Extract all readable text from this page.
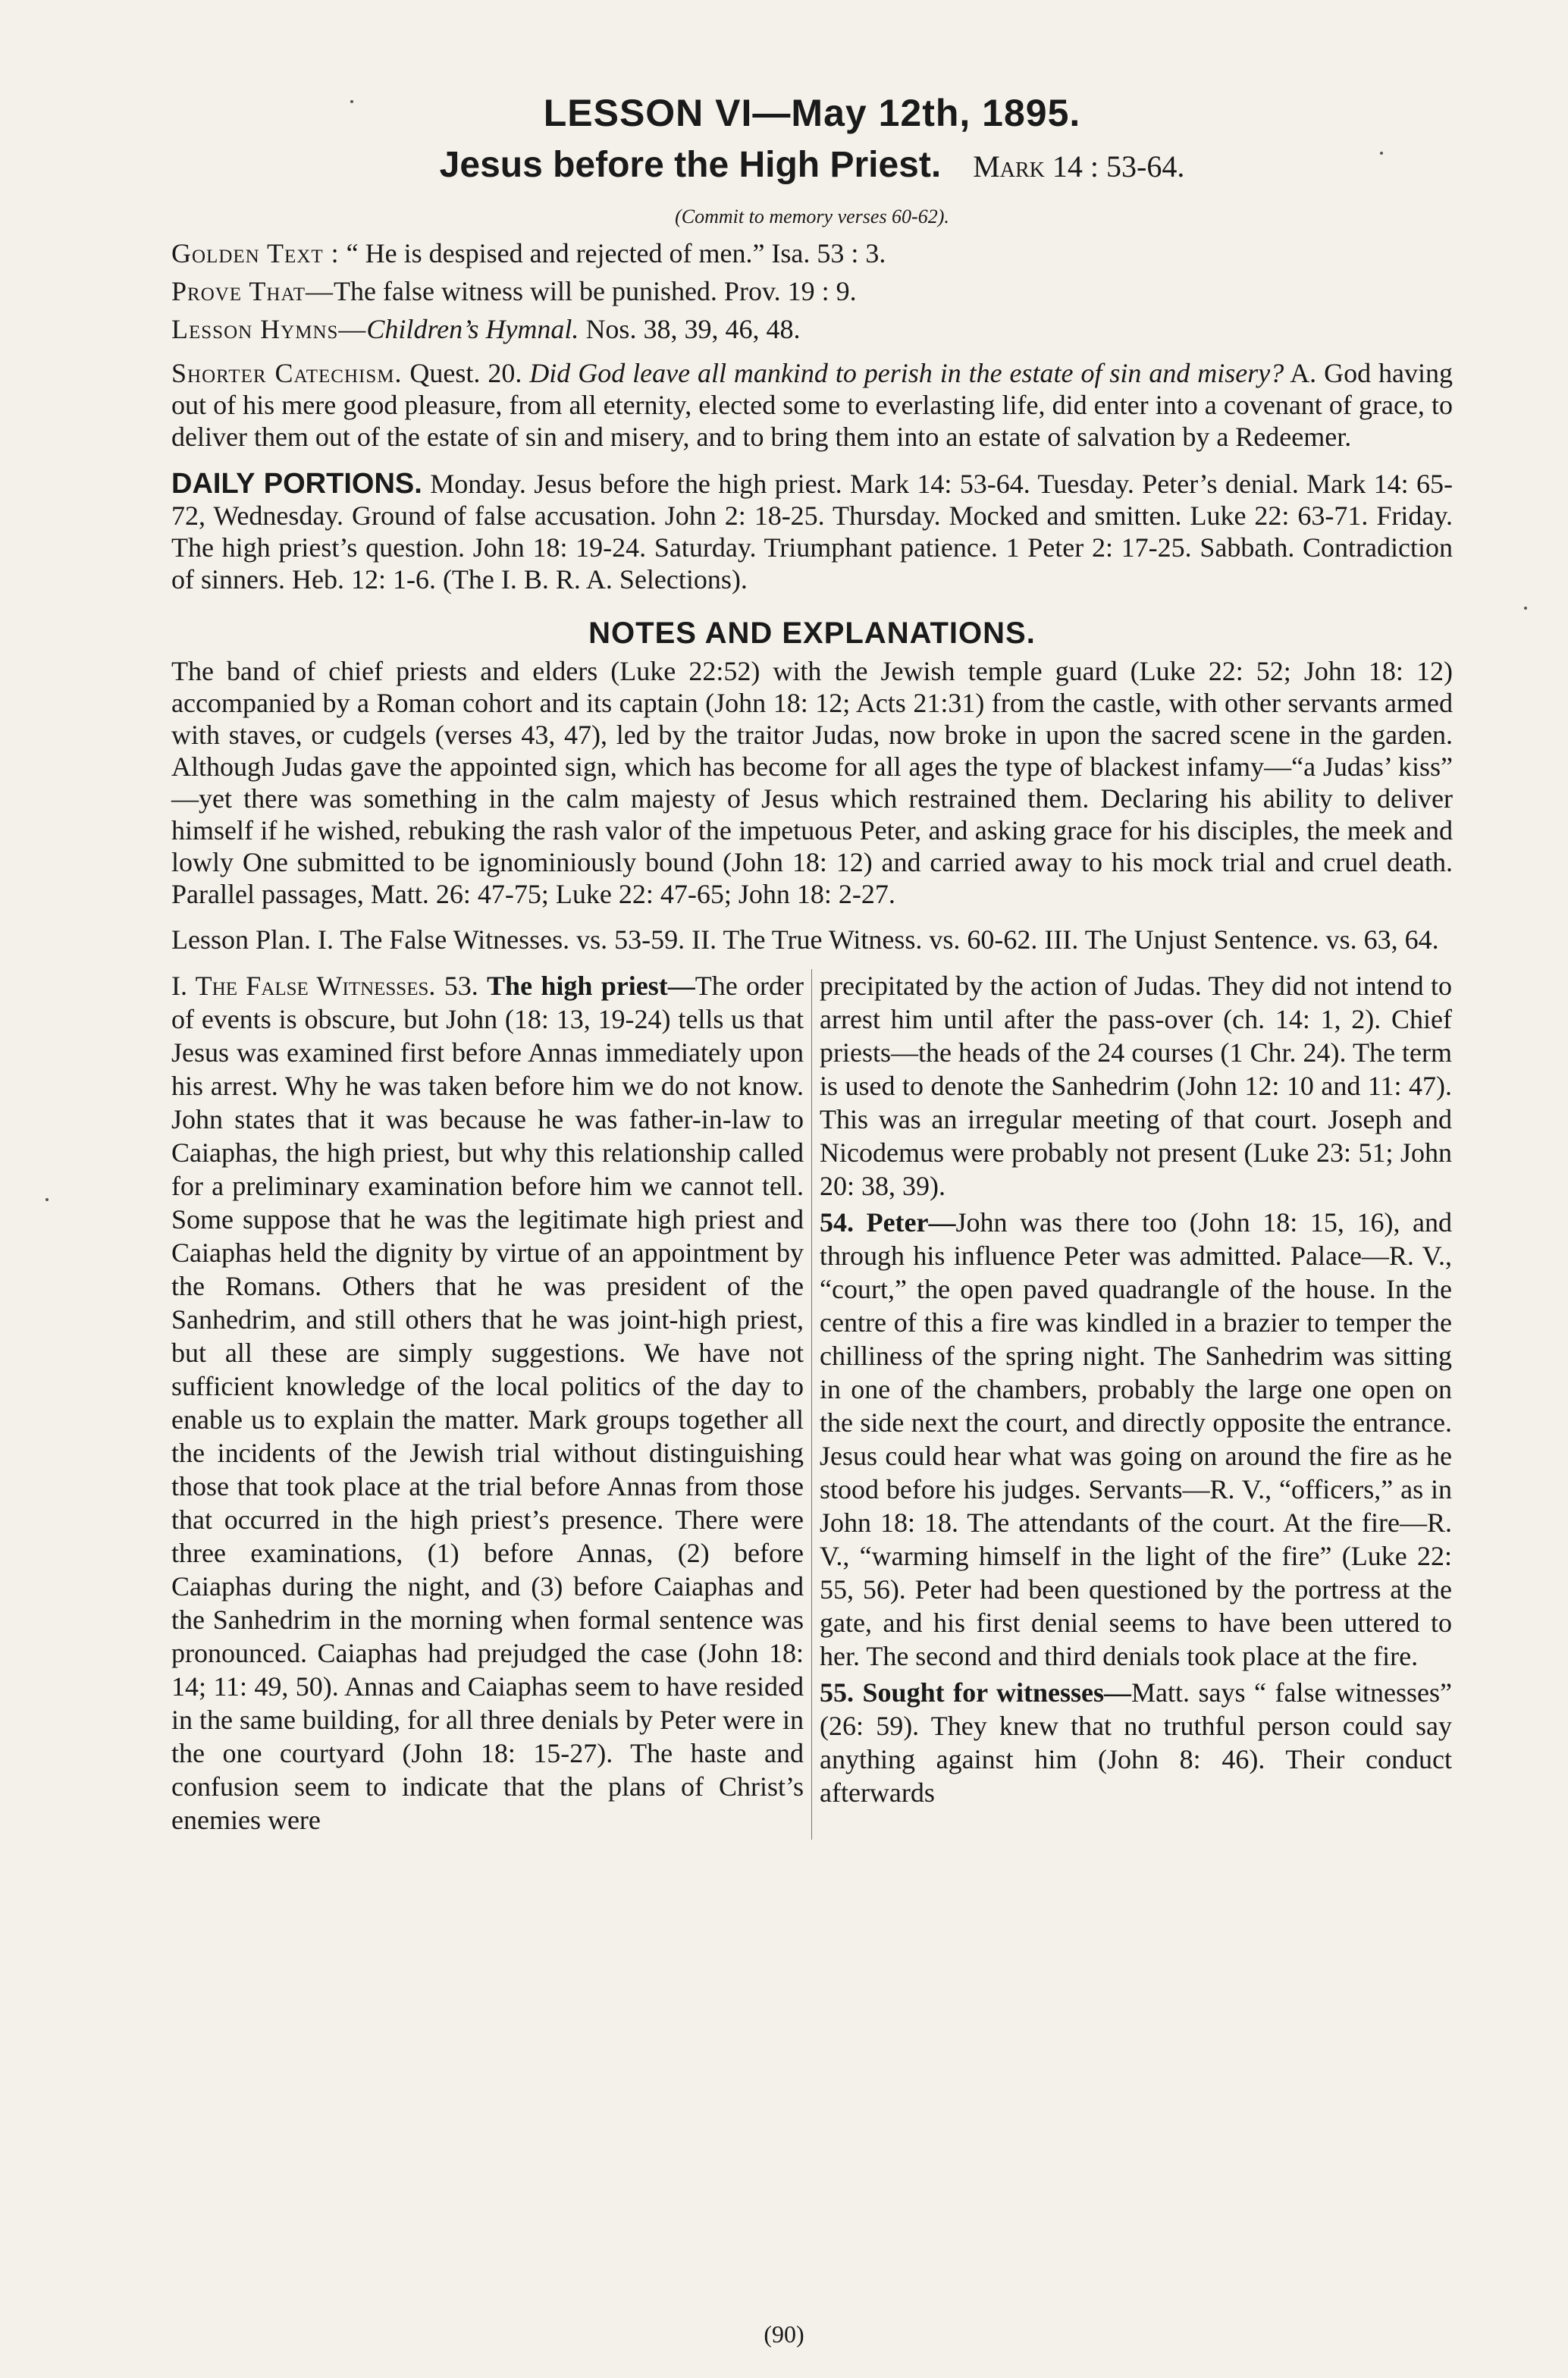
LESSON VI—May 12th, 1895.

Jesus before the High Priest. Mark 14 : 53-64.

(Commit to memory verses 60-62).

Golden Text : “ He is despised and rejected of men.” Isa. 53 : 3.

Prove That—The false witness will be punished. Prov. 19 : 9.

Lesson Hymns—Children’s Hymnal. Nos. 38, 39, 46, 48.

Shorter Catechism. Quest. 20. Did God leave all mankind to perish in the estate of sin and misery? A. God having out of his mere good pleasure, from all eternity, elected some to everlasting life, did enter into a covenant of grace, to deliver them out of the estate of sin and misery, and to bring them into an estate of salvation by a Redeemer.

DAILY PORTIONS. Monday. Jesus before the high priest. Mark 14: 53-64. Tuesday. Peter’s denial. Mark 14: 65-72, Wednesday. Ground of false accusation. John 2: 18-25. Thursday. Mocked and smitten. Luke 22: 63-71. Friday. The high priest’s question. John 18: 19-24. Saturday. Triumphant patience. 1 Peter 2: 17-25. Sabbath. Contradiction of sinners. Heb. 12: 1-6. (The I. B. R. A. Selections).

NOTES AND EXPLANATIONS.

The band of chief priests and elders (Luke 22:52) with the Jewish temple guard (Luke 22: 52; John 18: 12) accompanied by a Roman cohort and its captain (John 18: 12; Acts 21:31) from the castle, with other servants armed with staves, or cudgels (verses 43, 47), led by the traitor Judas, now broke in upon the sacred scene in the garden. Although Judas gave the appointed sign, which has become for all ages the type of blackest infamy—“a Judas’ kiss” —yet there was something in the calm majesty of Jesus which restrained them. Declaring his ability to deliver himself if he wished, rebuking the rash valor of the impetuous Peter, and asking grace for his disciples, the meek and lowly One submitted to be ignominiously bound (John 18: 12) and carried away to his mock trial and cruel death. Parallel passages, Matt. 26: 47-75; Luke 22: 47-65; John 18: 2-27.

Lesson Plan. I. The False Witnesses. vs. 53-59. II. The True Witness. vs. 60-62. III. The Unjust Sentence. vs. 63, 64.

I. The False Witnesses. 53. The high priest—The order of events is obscure, but John (18: 13, 19-24) tells us that Jesus was examined first before Annas immediately upon his arrest. Why he was taken before him we do not know. John states that it was because he was father-in-law to Caiaphas, the high priest, but why this relationship called for a preliminary examination before him we cannot tell. Some suppose that he was the legitimate high priest and Caiaphas held the dignity by virtue of an appointment by the Romans. Others that he was president of the Sanhedrim, and still others that he was joint-high priest, but all these are simply suggestions. We have not sufficient knowledge of the local politics of the day to enable us to explain the matter. Mark groups together all the incidents of the Jewish trial without distinguishing those that took place at the trial before Annas from those that occurred in the high priest’s presence. There were three examinations, (1) before Annas, (2) before Caiaphas during the night, and (3) before Caiaphas and the Sanhedrim in the morning when formal sentence was pronounced. Caiaphas had prejudged the case (John 18: 14; 11: 49, 50). Annas and Caiaphas seem to have resided in the same building, for all three denials by Peter were in the one courtyard (John 18: 15-27). The haste and confusion seem to indicate that the plans of Christ’s enemies were

precipitated by the action of Judas. They did not intend to arrest him until after the pass-over (ch. 14: 1, 2). Chief priests—the heads of the 24 courses (1 Chr. 24). The term is used to denote the Sanhedrim (John 12: 10 and 11: 47). This was an irregular meeting of that court. Joseph and Nicodemus were probably not present (Luke 23: 51; John 20: 38, 39).

54. Peter—John was there too (John 18: 15, 16), and through his influence Peter was admitted. Palace—R. V., “court,” the open paved quadrangle of the house. In the centre of this a fire was kindled in a brazier to temper the chilliness of the spring night. The Sanhedrim was sitting in one of the chambers, probably the large one open on the side next the court, and directly opposite the entrance. Jesus could hear what was going on around the fire as he stood before his judges. Servants—R. V., “officers,” as in John 18: 18. The attendants of the court. At the fire—R. V., “warming himself in the light of the fire” (Luke 22: 55, 56). Peter had been questioned by the portress at the gate, and his first denial seems to have been uttered to her. The second and third denials took place at the fire.

55. Sought for witnesses—Matt. says “ false witnesses” (26: 59). They knew that no truthful person could say anything against him (John 8: 46). Their conduct afterwards

(90)
